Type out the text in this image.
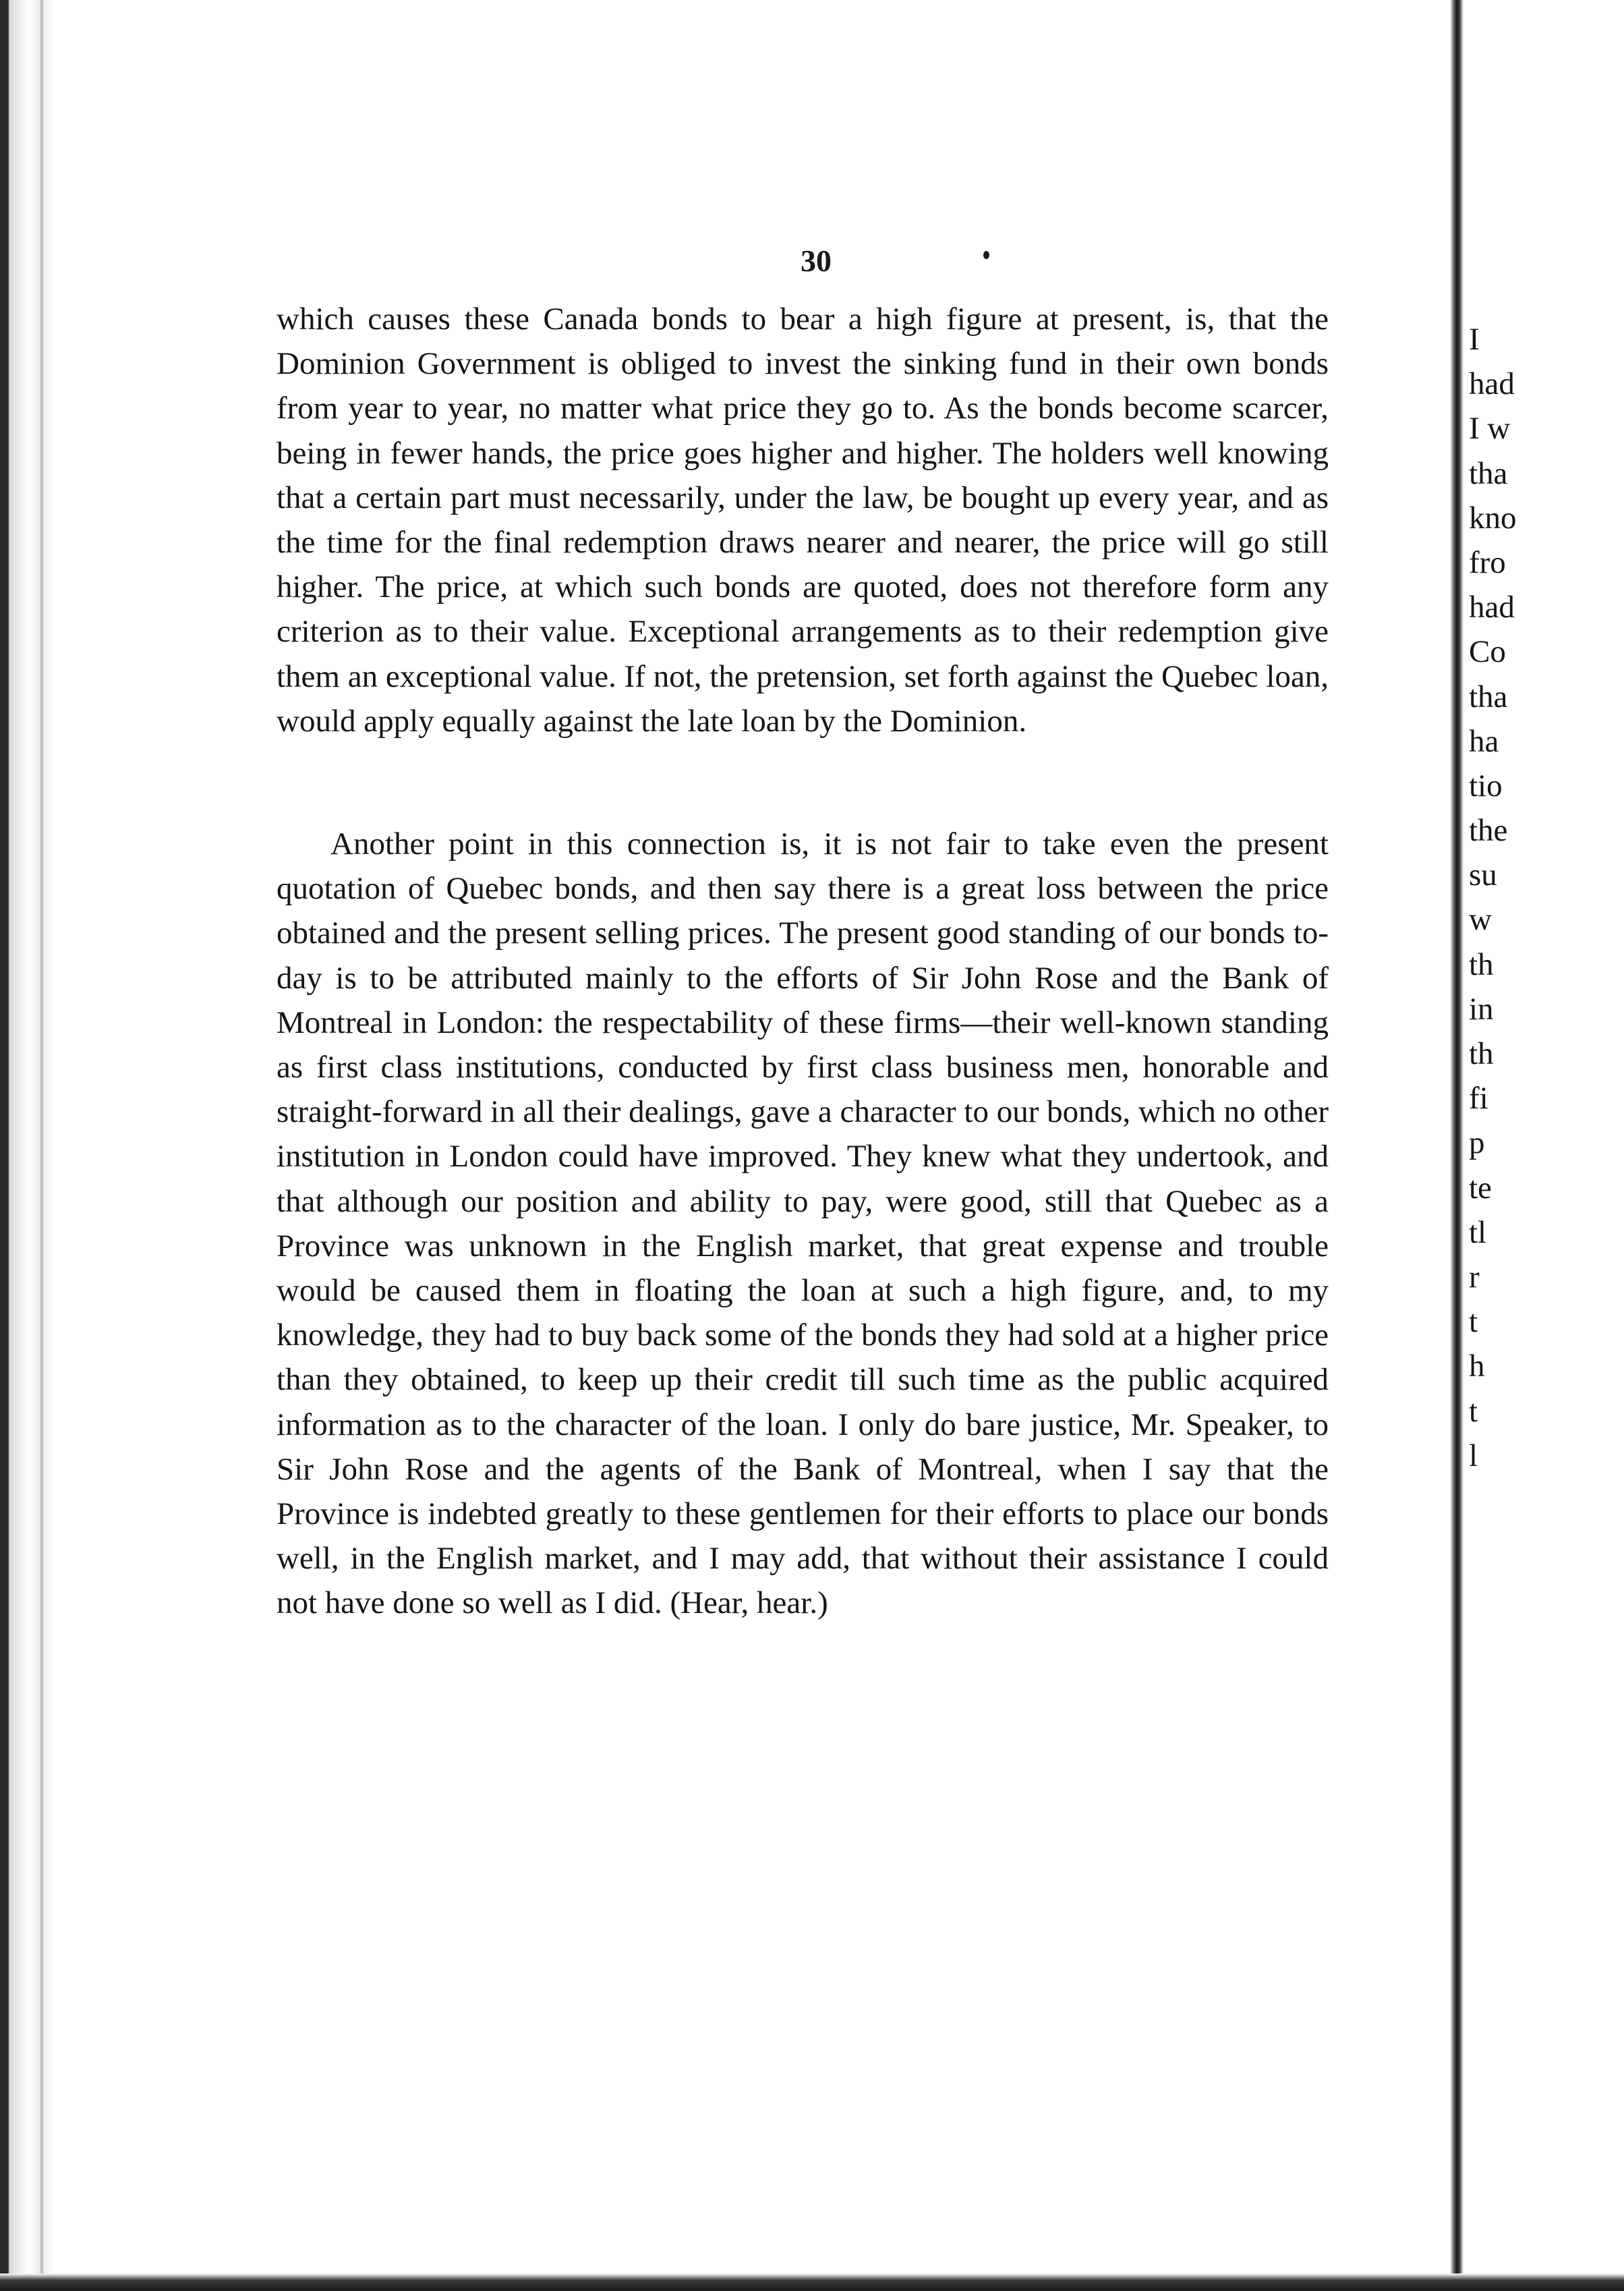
30

which causes these Canada bonds to bear a high figure at present, is, that the Dominion Government is obliged to invest the sinking fund in their own bonds from year to year, no matter what price they go to. As the bonds become scarcer, being in fewer hands, the price goes higher and higher. The holders well knowing that a certain part must necessarily, under the law, be bought up every year, and as the time for the final redemption draws nearer and nearer, the price will go still higher. The price, at which such bonds are quoted, does not therefore form any criterion as to their value. Exceptional arrangements as to their redemption give them an exceptional value. If not, the pretension, set forth against the Quebec loan, would apply equally against the late loan by the Dominion.

Another point in this connection is, it is not fair to take even the present quotation of Quebec bonds, and then say there is a great loss between the price obtained and the present selling prices. The present good standing of our bonds to-day is to be attributed mainly to the efforts of Sir John Rose and the Bank of Montreal in London: the respectability of these firms—their well-known standing as first class institutions, conducted by first class business men, honorable and straight-forward in all their dealings, gave a character to our bonds, which no other institution in London could have improved. They knew what they undertook, and that although our position and ability to pay, were good, still that Quebec as a Province was unknown in the English market, that great expense and trouble would be caused them in floating the loan at such a high figure, and, to my knowledge, they had to buy back some of the bonds they had sold at a higher price than they obtained, to keep up their credit till such time as the public acquired information as to the character of the loan. I only do bare justice, Mr. Speaker, to Sir John Rose and the agents of the Bank of Montreal, when I say that the Province is indebted greatly to these gentlemen for their efforts to place our bonds well, in the English market, and I may add, that without their assistance I could not have done so well as I did. (Hear, hear.)

I
had
I w
tha
kno
fro
had
Co
tha
ha
tio
the
su
w
th
in
th
fi
p
te
tl
r
t
h
t
l
